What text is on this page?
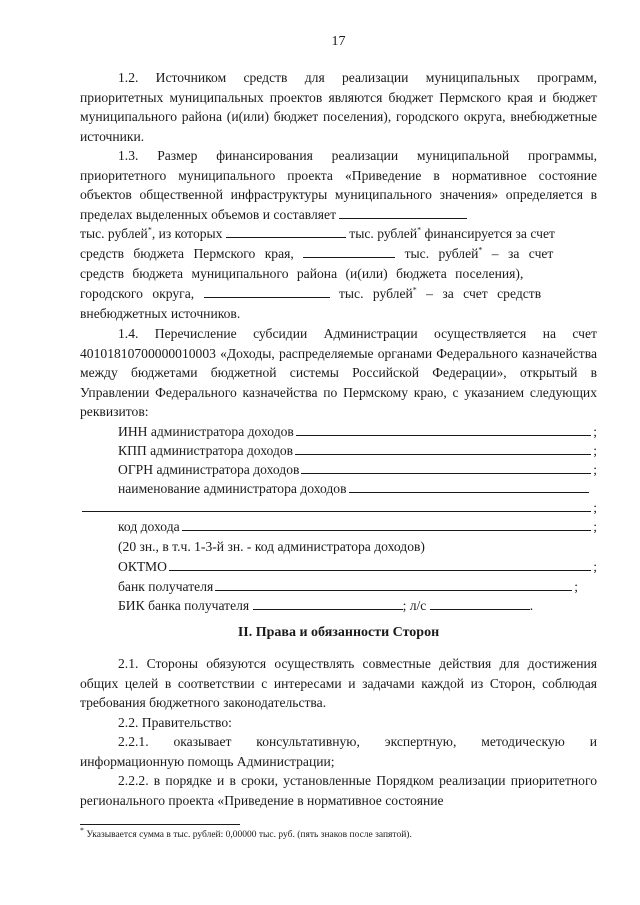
17
1.2. Источником средств для реализации муниципальных программ, приоритетных муниципальных проектов являются бюджет Пермского края и бюджет муниципального района (и(или) бюджет поселения), городского округа, внебюджетные источники.
1.3. Размер финансирования реализации муниципальной программы, приоритетного муниципального проекта «Приведение в нормативное состояние объектов общественной инфраструктуры муниципального значения» определяется в пределах выделенных объемов и составляет
тыс. рублей*, из которых	тыс. рублей* финансируется за счет
средств бюджета Пермского края,	тыс. рублей* – за счет
средств бюджета муниципального района (и(или) бюджета поселения),
городского округа,	тыс. рублей* – за счет средств
внебюджетных источников.
1.4. Перечисление субсидии Администрации осуществляется на счет 40101810700000010003 «Доходы, распределяемые органами Федерального казначейства между бюджетами бюджетной системы Российской Федерации», открытый в Управлении Федерального казначейства по Пермскому краю, с указанием следующих реквизитов:
ИНН администратора доходов	;
КПП администратора доходов	;
ОГРН администратора доходов	;
наименование администратора доходов
;
код дохода	;
(20 зн., в т.ч. 1-3-й зн. - код администратора доходов)
ОКТМО	;
банк получателя	;
БИК банка получателя	; л/с	.
II. Права и обязанности Сторон
2.1. Стороны обязуются осуществлять совместные действия для достижения общих целей в соответствии с интересами и задачами каждой из Сторон, соблюдая требования бюджетного законодательства.
2.2. Правительство:
2.2.1. оказывает консультативную, экспертную, методическую и информационную помощь Администрации;
2.2.2. в порядке и в сроки, установленные Порядком реализации приоритетного регионального проекта «Приведение в нормативное состояние
* Указывается сумма в тыс. рублей: 0,00000 тыс. руб. (пять знаков после запятой).
